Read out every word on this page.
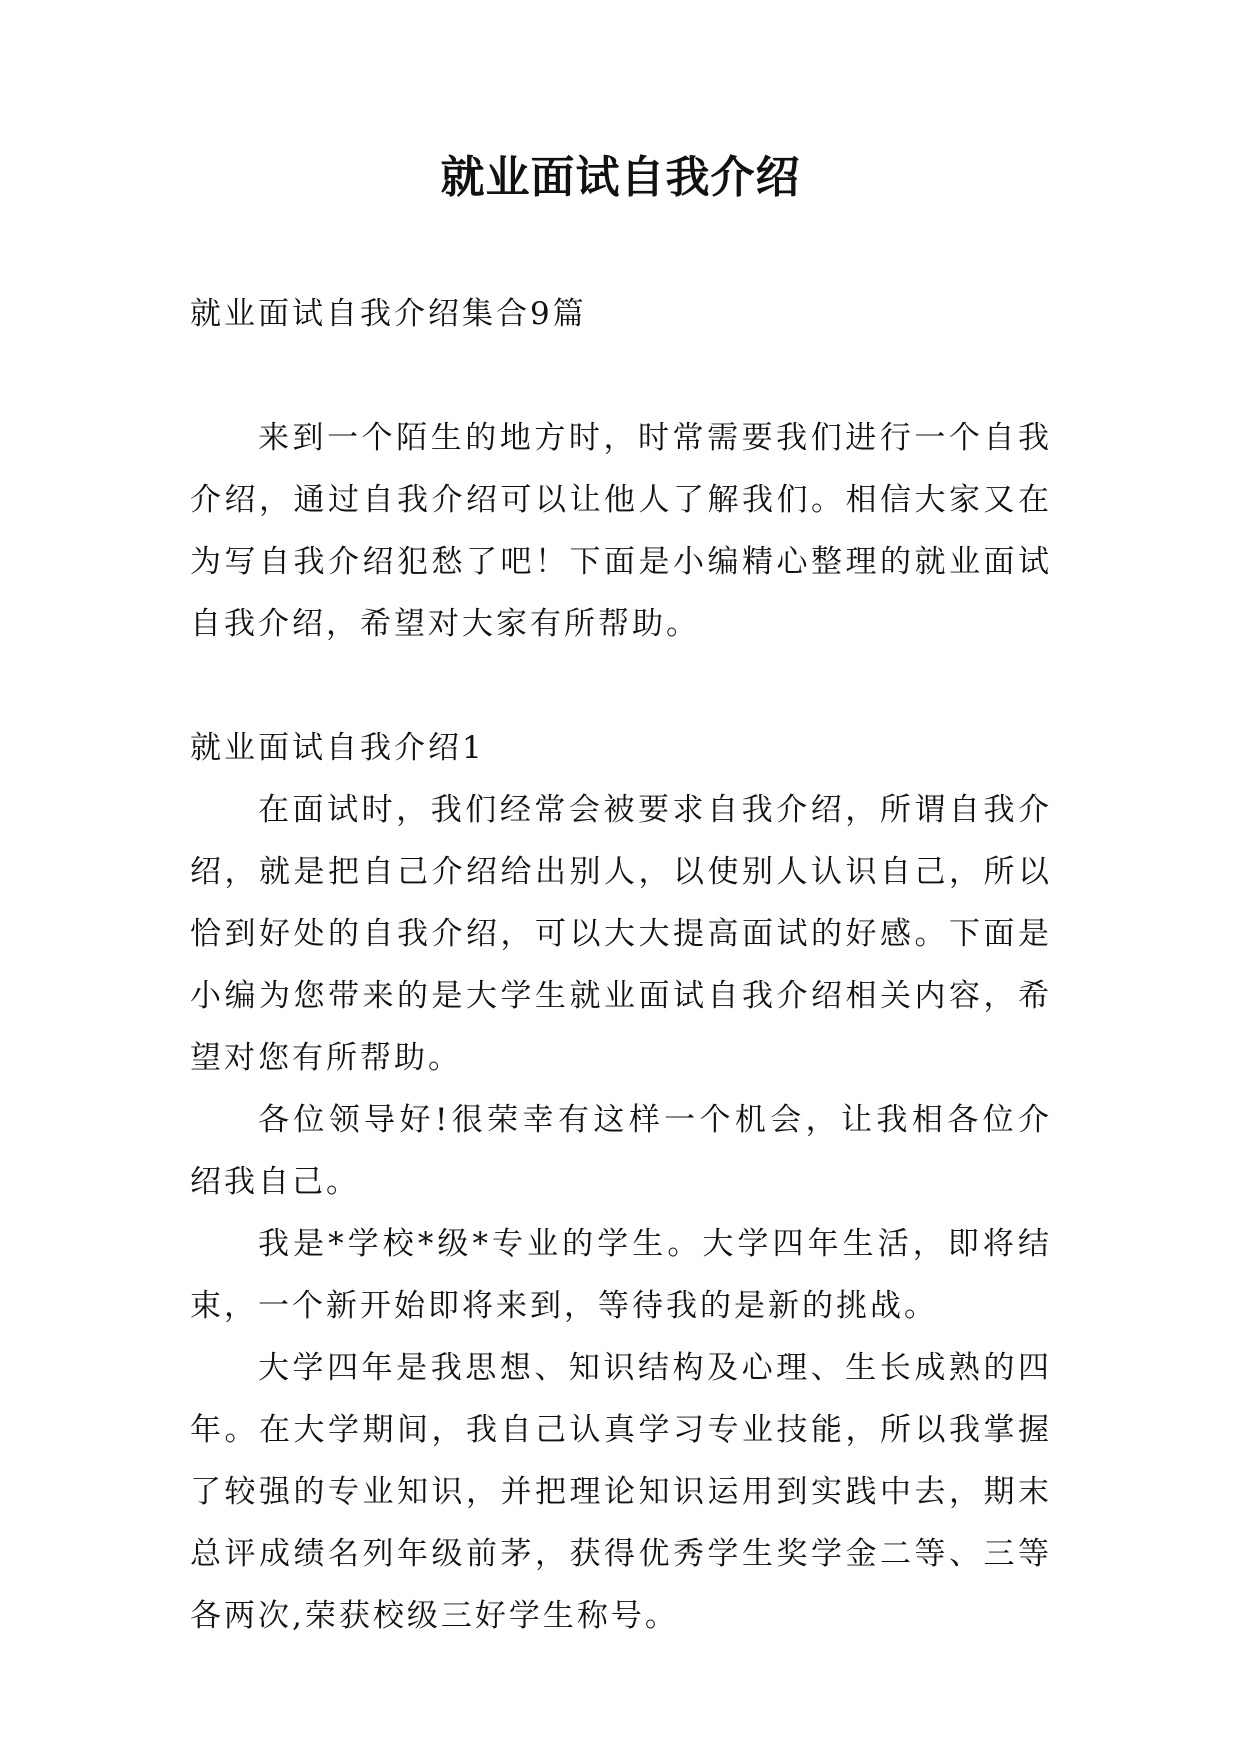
就业面试自我介绍

就业面试自我介绍集合9篇

来到一个陌生的地方时，时常需要我们进行一个自我介绍，通过自我介绍可以让他人了解我们。相信大家又在为写自我介绍犯愁了吧！下面是小编精心整理的就业面试自我介绍，希望对大家有所帮助。

就业面试自我介绍1

在面试时，我们经常会被要求自我介绍，所谓自我介绍，就是把自己介绍给出别人，以使别人认识自己，所以恰到好处的自我介绍，可以大大提高面试的好感。下面是小编为您带来的是大学生就业面试自我介绍相关内容，希望对您有所帮助。

各位领导好!很荣幸有这样一个机会，让我相各位介绍我自己。

我是*学校*级*专业的学生。大学四年生活，即将结束，一个新开始即将来到，等待我的是新的挑战。

大学四年是我思想、知识结构及心理、生长成熟的四年。在大学期间，我自己认真学习专业技能，所以我掌握了较强的专业知识，并把理论知识运用到实践中去，期末总评成绩名列年级前茅，获得优秀学生奖学金二等、三等各两次,荣获校级三好学生称号。
